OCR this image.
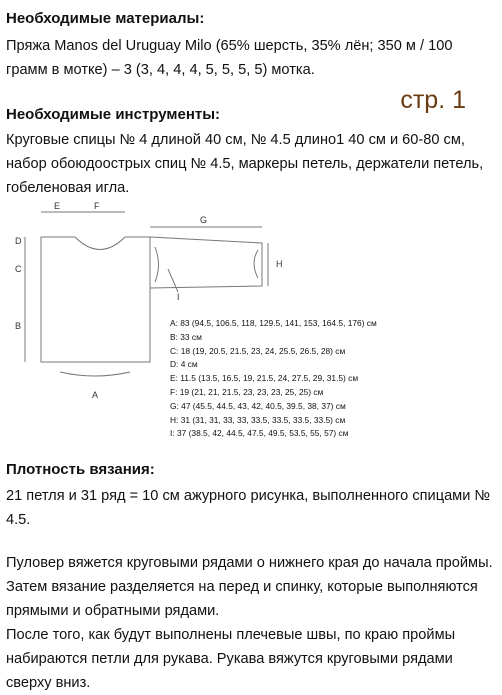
Необходимые материалы:

Пряжа Manos del Uruguay Milo (65% шерсть, 35% лён; 350 м / 100 грамм в мотке) – 3 (3, 4, 4, 4, 5, 5, 5, 5) мотка.

стр. 1

Необходимые инструменты:

Круговые спицы № 4 длиной 40 см, № 4.5 длино1 40 см и 60-80 см, набор обоюдоострых спиц № 4.5, маркеры петель, держатели петель, гобеленовая игла.

E	F
G
D
C
B
H
I
A
A: 83 (94.5, 106.5, 118, 129.5, 141, 153, 164.5, 176) см
B: 33 см
C: 18 (19, 20.5, 21.5, 23, 24, 25.5, 26.5, 28) см
D: 4 см
E: 11.5 (13.5, 16.5, 19, 21.5, 24, 27.5, 29, 31.5) см
F: 19 (21, 21, 21.5, 23, 23, 23, 25, 25) см
G: 47 (45.5, 44.5, 43, 42, 40.5, 39.5, 38, 37) см
H: 31 (31, 31, 33, 33, 33.5, 33.5, 33.5, 33.5) см
I: 37 (38.5, 42, 44.5, 47.5, 49.5, 53.5, 55, 57) см

Плотность вязания:

21 петля и 31 ряд = 10 см ажурного рисунка, выполненного спицами № 4.5.

Пуловер вяжется круговыми рядами о нижнего края до начала проймы. Затем вязание разделяется на перед и спинку, которые выполняются прямыми и обратными рядами.

После того, как будут выполнены плечевые швы, по краю проймы набираются петли для рукава. Рукава вяжутся круговыми рядами сверху вниз.
